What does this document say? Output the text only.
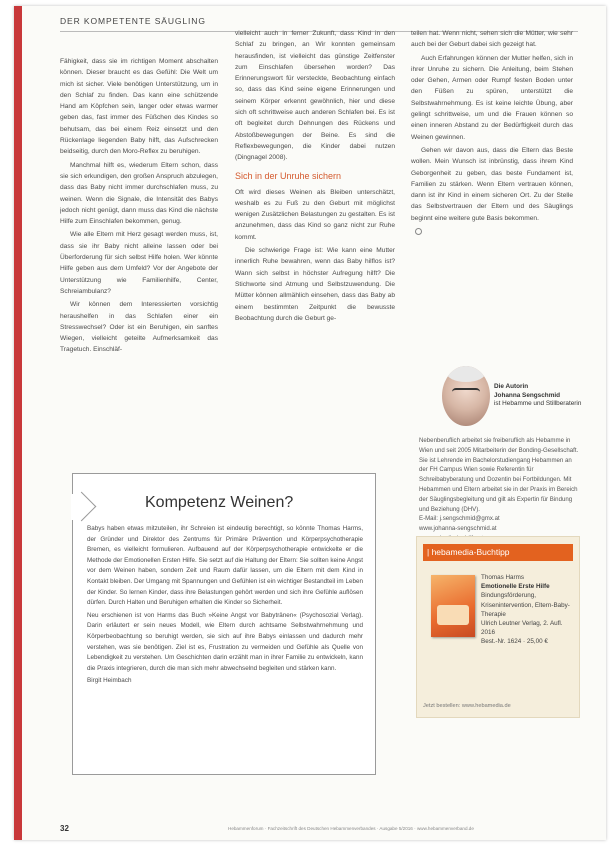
DER KOMPETENTE SÄUGLING

Fähigkeit, dass sie im richtigen Moment abschalten können. Dieser braucht es das Gefühl: Die Welt um mich ist sicher. Viele benötigen Unterstützung, um in den Schlaf zu finden. Das kann eine schützende Hand am Köpfchen sein, langer oder etwas warmer geben das, fast immer des Füßchen des Kindes so behutsam, das bei einem Reiz einsetzt und den Rückenlage liegenden Baby hilft, das Aufschrecken beidseitig, durch den Moro-Reflex zu beruhigen.

Manchmal hilft es, wiederum Eltern schon, dass sie sich erkundigen, den großen Anspruch abzulegen, dass das Baby nicht immer durchschlafen muss, zu weinen. Wenn die Signale, die Intensität des Babys jedoch nicht genügt, dann muss das Kind die nächste Hilfe zum Einschlafen bekommen, genug.

Wie alle Eltern mit Herz gesagt werden muss, ist, dass sie ihr Baby nicht alleine lassen oder bei Überforderung für sich selbst Hilfe holen. Wer könnte Hilfe geben aus dem Umfeld? Vor der Angebote der Unterstützung wie Familienhilfe, Center, Schreiambulanz?

Wir können dem Interessierten vorsichtig heraushelfen in das Schlafen einer ein Stresswechsel? Oder ist ein Beruhigen, ein sanftes Wiegen, vielleicht geteilte Aufmerksamkeit das Tragetuch. Einschläf-

vielleicht auch in ferner Zukunft, dass Kind in den Schlaf zu bringen, an Wir konnten gemeinsam herausfinden, ist vielleicht das günstige Zeitfenster zum Einschlafen übersehen worden? Das Erinnerungswort für versteckte, Beobachtung einfach so, dass das Kind seine eigene Erinnerungen und seinem Körper erkennt gewöhnlich, hier und diese sich oft schrittweise auch anderen Schlafen bei. Es ist oft begleitet durch Dehnungen des Rückens und Abstoßbewegungen der Beine. Es sind die Reflexbewegungen, die Kinder dabei nutzen (Dingnagel 2008).

Sich in der Unruhe sichern

Oft wird dieses Weinen als Bleiben unterschätzt, weshalb es zu Fuß zu den Geburt mit möglichst wenigen Zusätzlichen Belastungen zu gestalten. Es ist anzunehmen, dass das Kind so ganz nicht zur Ruhe kommt.

Die schwierige Frage ist: Wie kann eine Mutter innerlich Ruhe bewahren, wenn das Baby hilflos ist? Wann sich selbst in höchster Aufregung hilft? Die Stichworte sind Atmung und Selbstzuwendung. Die Mütter können allmählich einsehen, dass das Baby ab einem bestimmten Zeitpunkt die bewusste Beobachtung durch die Geburt ge-

teilen hat. Wenn nicht, sehen sich die Mütter, wie sehr auch bei der Geburt dabei sich gezeigt hat.

Auch Erfahrungen können der Mutter helfen, sich in ihrer Unruhe zu sichern. Die Anleitung, beim Stehen oder Gehen, Armen oder Rumpf festen Boden unter den Füßen zu spüren, unterstützt die Selbstwahrnehmung. Es ist keine leichte Übung, aber gelingt schrittweise, um und die Frauen können so einen inneren Abstand zu der Bedürftigkeit durch das Weinen gewinnen.

Gehen wir davon aus, dass die Eltern das Beste wollen. Mein Wunsch ist inbrünstig, dass ihrem Kind Geborgenheit zu geben, das beste Fundament ist, Familien zu stärken. Wenn Eltern vertrauen können, dann ist ihr Kind in einem sicheren Ort. Zu der Stelle das Selbstvertrauen der Eltern und des Säuglings beginnt eine weitere gute Basis bekommen.

Die Autorin
Johanna Sengschmid
ist Hebamme und Stillberaterin
Nebenberuflich arbeitet sie freiberuflich als Hebamme in Wien und seit 2005 Mitarbeiterin der Bonding-Gesellschaft. Sie ist Lehrende im Bachelorstudiengang Hebammen an der FH Campus Wien sowie Referentin für Schreibabyberatung und Dozentin bei Fortbildungen. Mit Hebammen und Eltern arbeitet sie in der Praxis im Bereich der Säuglingsbegleitung und gilt als Expertin für Bindung und Beziehung (DHV).
E-Mail: j.sengschmid@gmx.at
www.johanna-sengschmid.at
| hebamedia-Buchtipp
Thomas Harms
Emotionelle Erste Hilfe
Bindungsförderung, Krisenintervention, Eltern-Baby-Therapie
Ulrich Leutner Verlag, 2. Aufl. 2016
Best.-Nr. 1624 · 25,00 €
Jetzt bestellen: www.hebamedia.de
Kompetenz Weinen?

Babys haben etwas mitzuteilen, ihr Schreien ist eindeutig berechtigt, so könnte Thomas Harms, der Gründer und Direktor des Zentrums für Primäre Prävention und Körperpsychotherapie Bremen, es vielleicht formulieren. Aufbauend auf der Körperpsychotherapie entwickelte er die Methode der Emotionellen Ersten Hilfe. Sie setzt auf die Haltung der Eltern: Sie sollten keine Angst vor dem Weinen haben, sondern Zeit und Raum dafür lassen, um die Eltern mit dem Kind in Kontakt bleiben. Der Umgang mit Spannungen und Gefühlen ist ein wichtiger Bestandteil im Leben der Kinder. So lernen Kinder, dass ihre Belastungen gehört werden und sich ihre Gefühle auflösen dürfen. Durch Halten und Beruhigen erhalten die Kinder so Sicherheit.

Neu erschienen ist von Harms das Buch »Keine Angst vor Babytränen« (Psychosozial Verlag). Darin erläutert er sein neues Modell, wie Eltern durch achtsame Selbstwahrnehmung und Körperbeobachtung so beruhigt werden, sie sich auf ihre Babys einlassen und dadurch mehr verstehen, was sie benötigen. Ziel ist es, Frustration zu vermeiden und Gefühle als Quelle von Lebendigkeit zu verstehen. Um Geschichten darin erzählt man in ihrer Familie zu entwickeln, kann die Praxis integrieren, durch die man sich mehr abwechselnd begleiten und stärken kann.

Birgit Heimbach

32	Hebammenforum · Fachzeitschrift des Deutschen Hebammenverbandes · Ausgabe 5/2016 · www.hebammenverband.de
